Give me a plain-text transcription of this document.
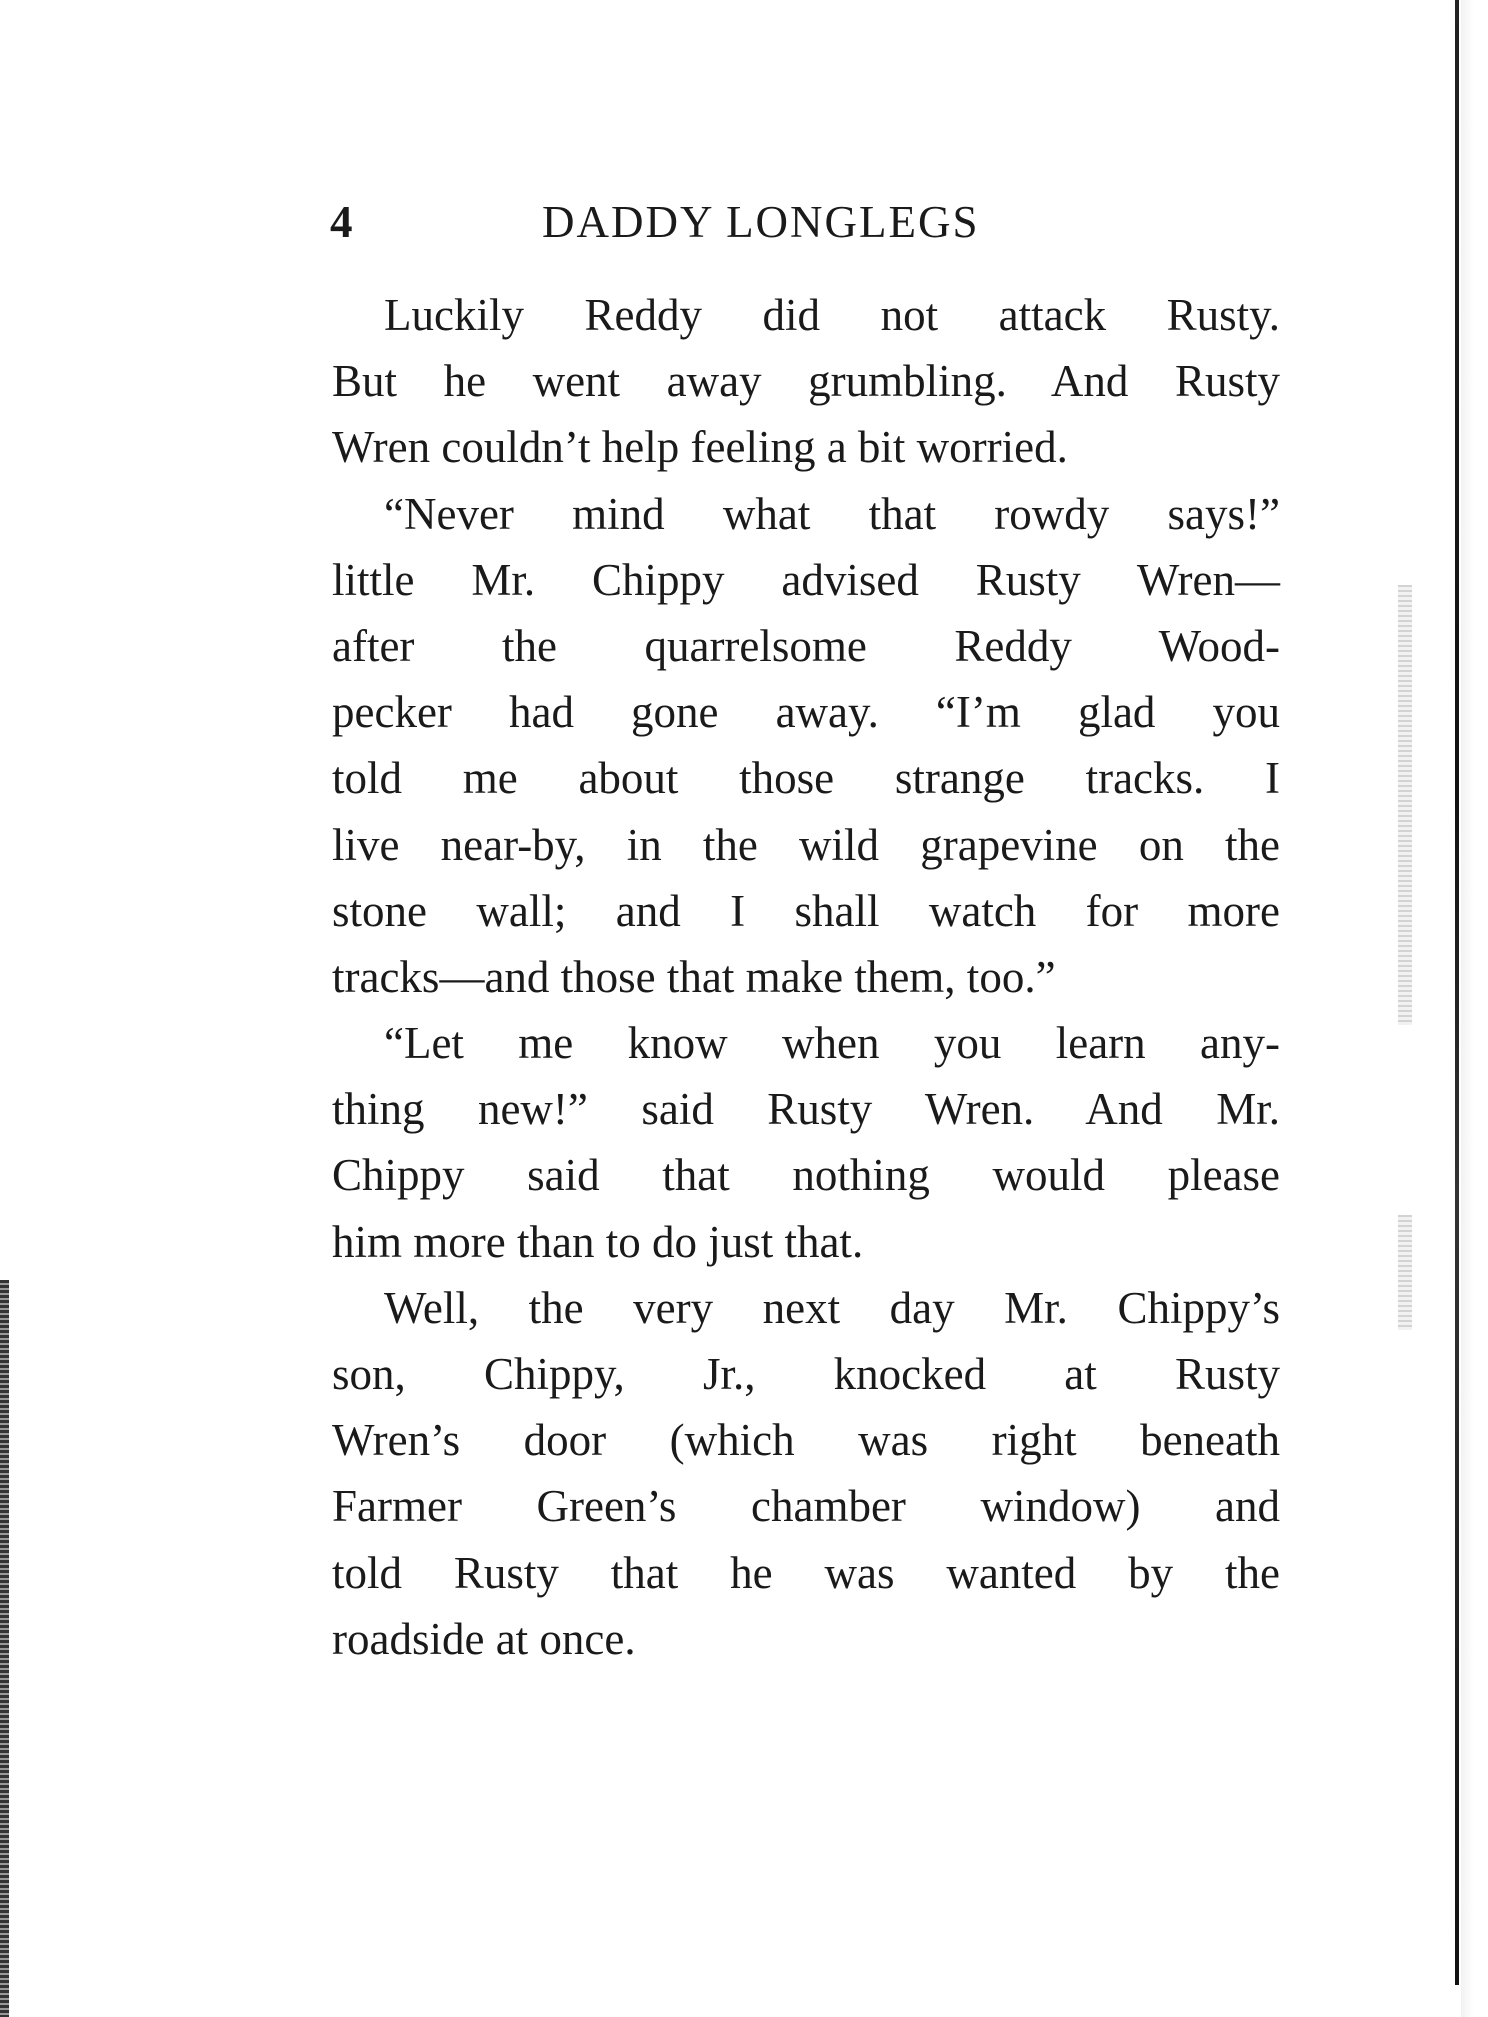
4	DADDY LONGLEGS
Luckily Reddy did not attack Rusty.
But he went away grumbling. And Rusty
Wren couldn’t help feeling a bit worried.
“Never mind what that rowdy says!”
little Mr. Chippy advised Rusty Wren—
after the quarrelsome Reddy Wood-
pecker had gone away. “I’m glad you
told me about those strange tracks. I
live near-by, in the wild grapevine on the
stone wall; and I shall watch for more
tracks—and those that make them, too.”
“Let me know when you learn any-
thing new!” said Rusty Wren. And Mr.
Chippy said that nothing would please
him more than to do just that.
Well, the very next day Mr. Chippy’s
son, Chippy, Jr., knocked at Rusty
Wren’s door (which was right beneath
Farmer Green’s chamber window) and
told Rusty that he was wanted by the
roadside at once.
